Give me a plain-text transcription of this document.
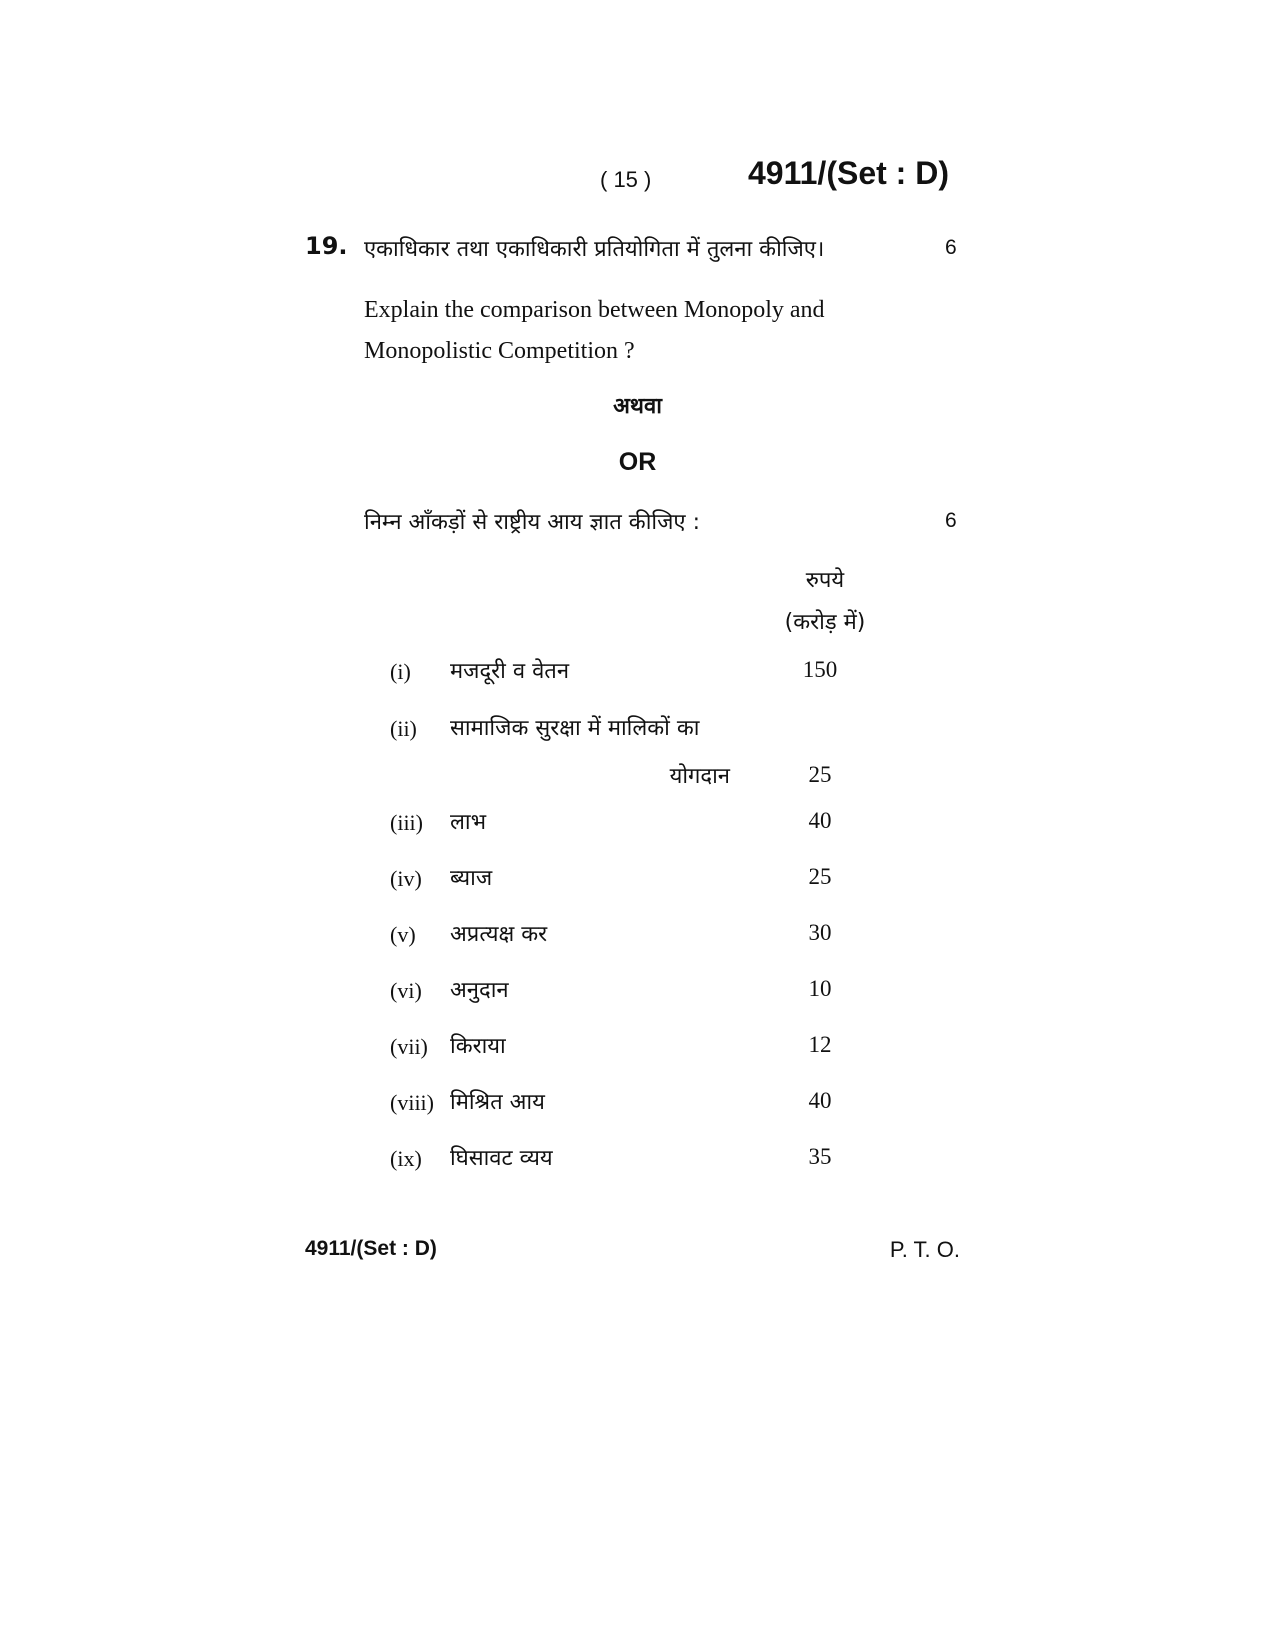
( 15 )	4911/(Set : D)
19. एकाधिकार तथा एकाधिकारी प्रतियोगिता में तुलना कीजिए।	6
Explain the comparison between Monopoly and
Monopolistic Competition ?
अथवा
OR
निम्न आँकड़ों से राष्ट्रीय आय ज्ञात कीजिए :	6
रुपये
(करोड़ में)
(i) मजदूरी व वेतन	150
(ii) सामाजिक सुरक्षा में मालिकों का
योगदान	25
(iii) लाभ	40
(iv) ब्याज	25
(v) अप्रत्यक्ष कर	30
(vi) अनुदान	10
(vii) किराया	12
(viii) मिश्रित आय	40
(ix) घिसावट व्यय	35
4911/(Set : D)	P. T. O.
